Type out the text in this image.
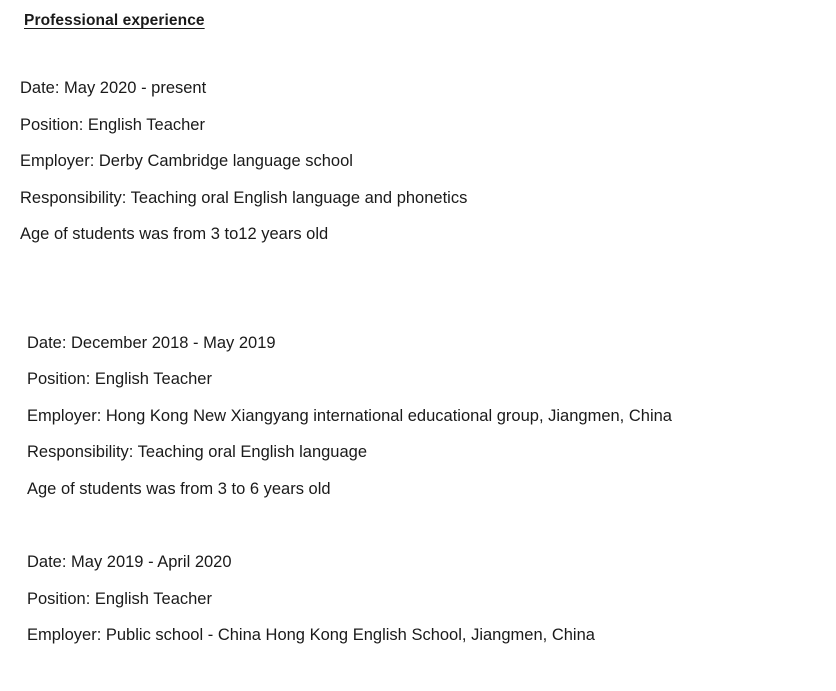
Professional experience
Date: May 2020 - present
Position: English Teacher
Employer: Derby Cambridge language school
Responsibility: Teaching oral English language and phonetics
Age of students was from 3 to12 years old
Date: December 2018 - May 2019
Position: English Teacher
Employer: Hong Kong New Xiangyang international educational group, Jiangmen, China
Responsibility: Teaching oral English language
Age of students was from 3 to 6 years old
Date: May 2019 - April 2020
Position: English Teacher
Employer: Public school - China Hong Kong English School, Jiangmen, China
